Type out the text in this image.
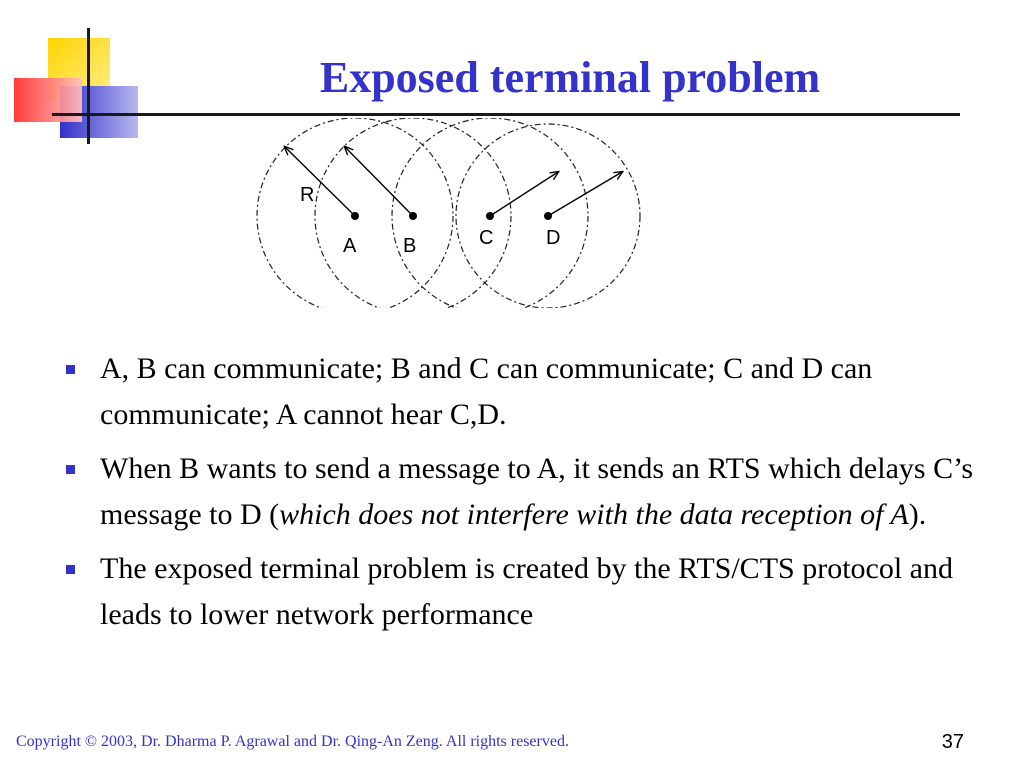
Exposed terminal problem
R
A B	C	D
A, B can communicate; B and C can communicate; C and D can communicate; A cannot hear C,D.
When B wants to send a message to A, it sends an RTS which delays C’s message to D (which does not interfere with the data reception of A).
The exposed terminal problem is created by the RTS/CTS protocol and leads to lower network performance
Copyright © 2003, Dr. Dharma P. Agrawal and Dr. Qing-An Zeng. All rights reserved.	37
